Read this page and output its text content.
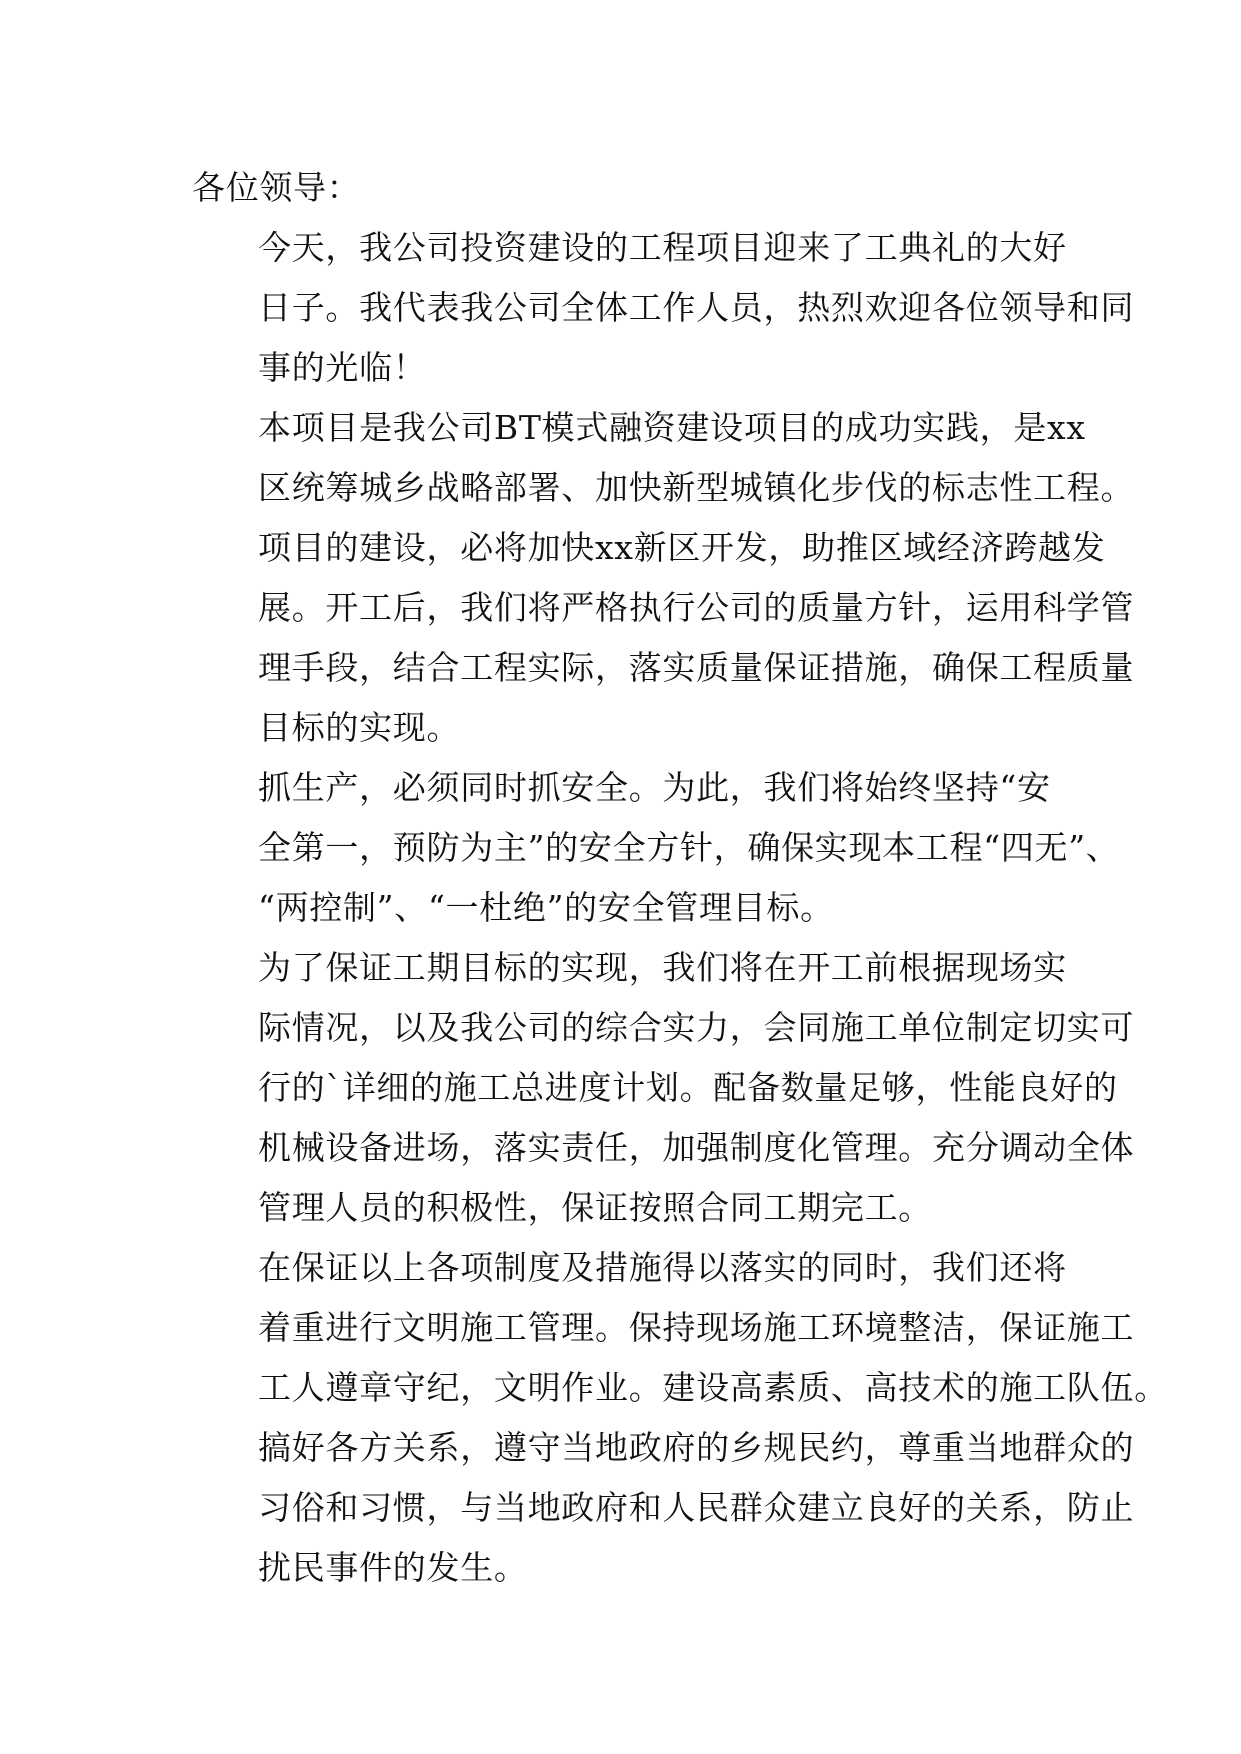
各位领导：

今天，我公司投资建设的工程项目迎来了工典礼的大好
日子。我代表我公司全体工作人员，热烈欢迎各位领导和同
事的光临！

本项目是我公司BT模式融资建设项目的成功实践，是xx
区统筹城乡战略部署、加快新型城镇化步伐的标志性工程。
项目的建设，必将加快xx新区开发，助推区域经济跨越发
展。开工后，我们将严格执行公司的质量方针，运用科学管
理手段，结合工程实际，落实质量保证措施，确保工程质量
目标的实现。

抓生产，必须同时抓安全。为此，我们将始终坚持“安
全第一，预防为主”的安全方针，确保实现本工程“四无”、
“两控制”、“一杜绝”的安全管理目标。

为了保证工期目标的实现，我们将在开工前根据现场实
际情况，以及我公司的综合实力，会同施工单位制定切实可
行的`详细的施工总进度计划。配备数量足够，性能良好的
机械设备进场，落实责任，加强制度化管理。充分调动全体
管理人员的积极性，保证按照合同工期完工。

在保证以上各项制度及措施得以落实的同时，我们还将
着重进行文明施工管理。保持现场施工环境整洁，保证施工
工人遵章守纪，文明作业。建设高素质、高技术的施工队伍。
搞好各方关系，遵守当地政府的乡规民约，尊重当地群众的
习俗和习惯，与当地政府和人民群众建立良好的关系，防止
扰民事件的发生。
